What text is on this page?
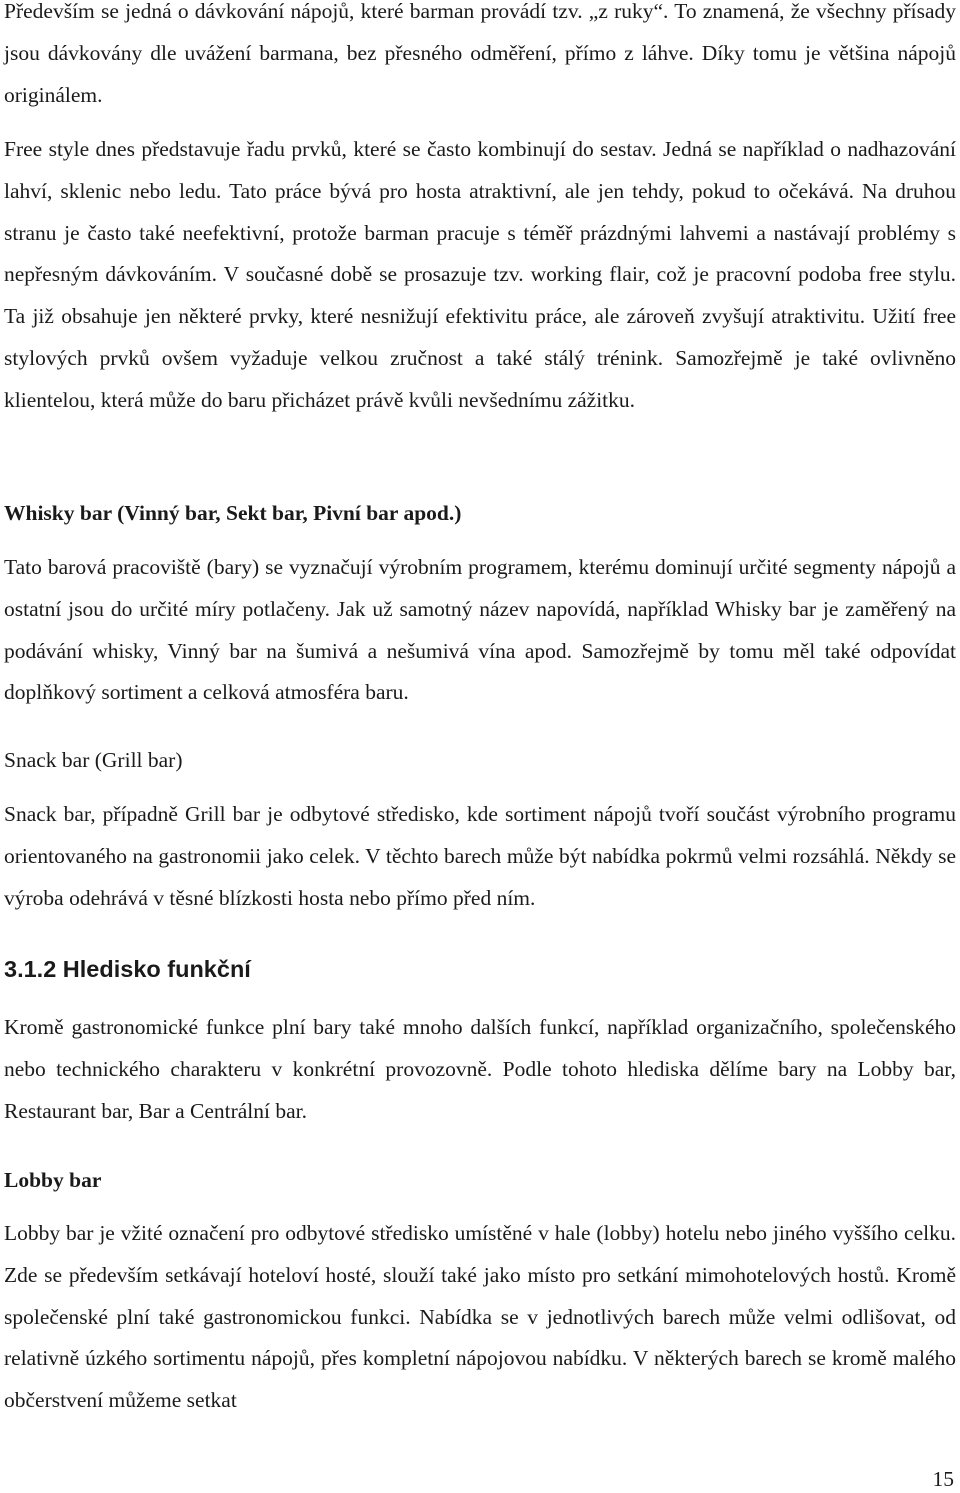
Především se jedná o dávkování nápojů, které barman provádí tzv. „z ruky“. To znamená, že všechny přísady jsou dávkovány dle uvážení barmana, bez přesného odměření, přímo z láhve. Díky tomu je většina nápojů originálem.

Free style dnes představuje řadu prvků, které se často kombinují do sestav. Jedná se například o nadhazování lahví, sklenic nebo ledu. Tato práce bývá pro hosta atraktivní, ale jen tehdy, pokud to očekává. Na druhou stranu je často také neefektivní, protože barman pracuje s téměř prázdnými lahvemi a nastávají problémy s nepřesným dávkováním. V současné době se prosazuje tzv. working flair, což je pracovní podoba free stylu. Ta již obsahuje jen některé prvky, které nesnižují efektivitu práce, ale zároveň zvyšují atraktivitu. Užití free stylových prvků ovšem vyžaduje velkou zručnost a také stálý trénink. Samozřejmě je také ovlivněno klientelou, která může do baru přicházet právě kvůli nevšednímu zážitku.

Whisky bar (Vinný bar, Sekt bar, Pivní bar apod.)

Tato barová pracoviště (bary) se vyznačují výrobním programem, kterému dominují určité segmenty nápojů a ostatní jsou do určité míry potlačeny. Jak už samotný název napovídá, například Whisky bar je zaměřený na podávání whisky, Vinný bar na šumivá a nešumivá vína apod. Samozřejmě by tomu měl také odpovídat doplňkový sortiment a celková atmosféra baru.

Snack bar (Grill bar)

Snack bar, případně Grill bar je odbytové středisko, kde sortiment nápojů tvoří součást výrobního programu orientovaného na gastronomii jako celek. V těchto barech může být nabídka pokrmů velmi rozsáhlá. Někdy se výroba odehrává v těsné blízkosti hosta nebo přímo před ním.

3.1.2 Hledisko funkční

Kromě gastronomické funkce plní bary také mnoho dalších funkcí, například organizačního, společenského nebo technického charakteru v konkrétní provozovně. Podle tohoto hlediska dělíme bary na Lobby bar, Restaurant bar, Bar a Centrální bar.

Lobby bar

Lobby bar je vžité označení pro odbytové středisko umístěné v hale (lobby) hotelu nebo jiného vyššího celku. Zde se především setkávají hoteloví hosté, slouží také jako místo pro setkání mimohotelových hostů. Kromě společenské plní také gastronomickou funkci. Nabídka se v jednotlivých barech může velmi odlišovat, od relativně úzkého sortimentu nápojů, přes kompletní nápojovou nabídku. V některých barech se kromě malého občerstvení můžeme setkat

15
